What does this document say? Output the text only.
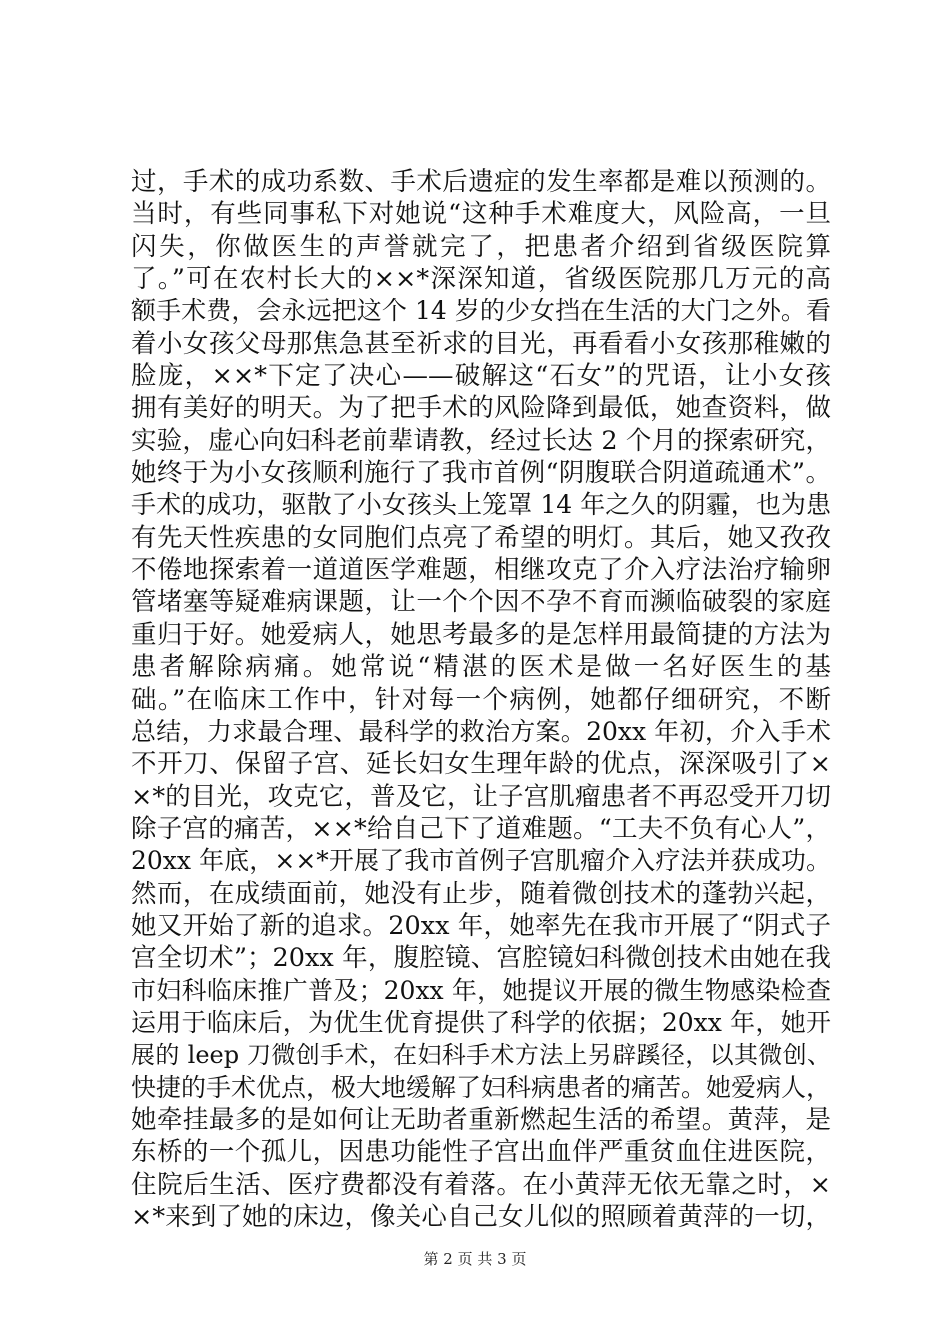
过，手术的成功系数、手术后遗症的发生率都是难以预测的。
当时，有些同事私下对她说“这种手术难度大，风险高，一旦
闪失，你做医生的声誉就完了，把患者介绍到省级医院算
了。”可在农村长大的××*深深知道，省级医院那几万元的高
额手术费，会永远把这个 14 岁的少女挡在生活的大门之外。看
着小女孩父母那焦急甚至祈求的目光，再看看小女孩那稚嫩的
脸庞，××*下定了决心——破解这“石女”的咒语，让小女孩
拥有美好的明天。为了把手术的风险降到最低，她查资料，做
实验，虚心向妇科老前辈请教，经过长达 2 个月的探索研究，
她终于为小女孩顺利施行了我市首例“阴腹联合阴道疏通术”。
手术的成功，驱散了小女孩头上笼罩 14 年之久的阴霾，也为患
有先天性疾患的女同胞们点亮了希望的明灯。其后，她又孜孜
不倦地探索着一道道医学难题，相继攻克了介入疗法治疗输卵
管堵塞等疑难病课题，让一个个因不孕不育而濒临破裂的家庭
重归于好。她爱病人，她思考最多的是怎样用最简捷的方法为
患者解除病痛。她常说“精湛的医术是做一名好医生的基
础。”在临床工作中，针对每一个病例，她都仔细研究，不断
总结，力求最合理、最科学的救治方案。20xx 年初，介入手术
不开刀、保留子宫、延长妇女生理年龄的优点，深深吸引了×
×*的目光，攻克它，普及它，让子宫肌瘤患者不再忍受开刀切
除子宫的痛苦，××*给自己下了道难题。“工夫不负有心人”，
20xx 年底，××*开展了我市首例子宫肌瘤介入疗法并获成功。
然而，在成绩面前，她没有止步，随着微创技术的蓬勃兴起，
她又开始了新的追求。20xx 年，她率先在我市开展了“阴式子
宫全切术”；20xx 年，腹腔镜、宫腔镜妇科微创技术由她在我
市妇科临床推广普及；20xx 年，她提议开展的微生物感染检查
运用于临床后，为优生优育提供了科学的依据；20xx 年，她开
展的 leep 刀微创手术，在妇科手术方法上另辟蹊径，以其微创、
快捷的手术优点，极大地缓解了妇科病患者的痛苦。她爱病人，
她牵挂最多的是如何让无助者重新燃起生活的希望。黄萍，是
东桥的一个孤儿，因患功能性子宫出血伴严重贫血住进医院，
住院后生活、医疗费都没有着落。在小黄萍无依无靠之时，×
×*来到了她的床边，像关心自己女儿似的照顾着黄萍的一切，
第 2 页 共 3 页
